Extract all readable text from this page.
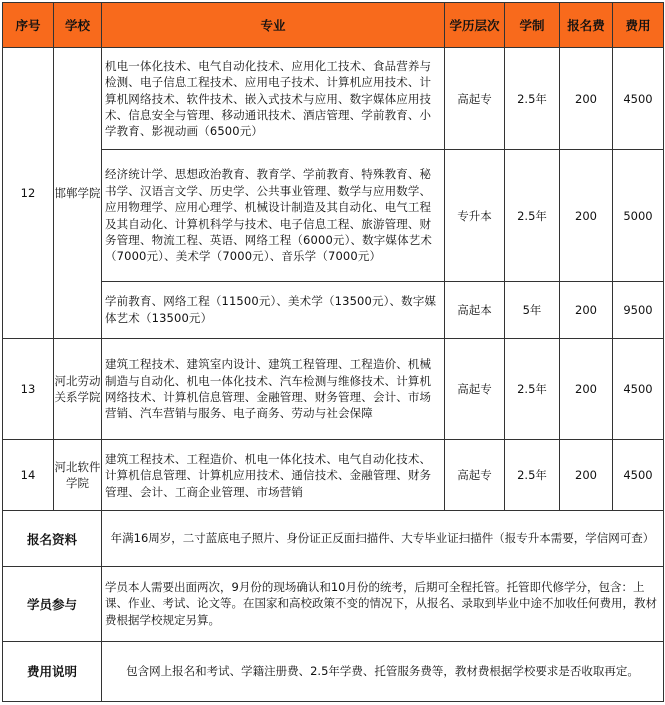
序号	学校	专业	学历层次	学制	报名费	费用
12	邯郸学院	机电一体化技术、电气自动化技术、应用化工技术、食品营养与检测、电子信息工程技术、应用电子技术、计算机应用技术、计算机网络技术、软件技术、嵌入式技术与应用、数字媒体应用技术、信息安全与管理、移动通讯技术、酒店管理、学前教育、小学教育、影视动画（6500元）	高起专	2.5年	200	4500
		经济统计学、思想政治教育、教育学、学前教育、特殊教育、秘书学、汉语言文学、历史学、公共事业管理、数学与应用数学、应用物理学、应用心理学、机械设计制造及其自动化、电气工程及其自动化、计算机科学与技术、电子信息工程、旅游管理、财务管理、物流工程、英语、网络工程（6000元）、数字媒体艺术（7000元）、美术学（7000元）、音乐学（7000元）	专升本	2.5年	200	5000
		学前教育、网络工程（11500元）、美术学（13500元）、数字媒体艺术（13500元）	高起本	5年	200	9500
13	河北劳动关系学院	建筑工程技术、建筑室内设计、建筑工程管理、工程造价、机械制造与自动化、机电一体化技术、汽车检测与维修技术、计算机网络技术、计算机信息管理、金融管理、财务管理、会计、市场营销、汽车营销与服务、电子商务、劳动与社会保障	高起专	2.5年	200	4500
14	河北软件学院	建筑工程技术、工程造价、机电一体化技术、电气自动化技术、计算机信息管理、计算机应用技术、通信技术、金融管理、财务管理、会计、工商企业管理、市场营销	高起专	2.5年	200	4500
报名资料		年满16周岁，二寸蓝底电子照片、身份证正反面扫描件、大专毕业证扫描件（报专升本需要，学信网可查）				
学员参与		学员本人需要出面两次，9月份的现场确认和10月份的统考，后期可全程托管。托管即代修学分，包含：上课、作业、考试、论文等。在国家和高校政策不变的情况下，从报名、录取到毕业中途不加收任何费用，教材费根据学校规定另算。				
费用说明		包含网上报名和考试、学籍注册费、2.5年学费、托管服务费等，教材费根据学校要求是否收取再定。				
